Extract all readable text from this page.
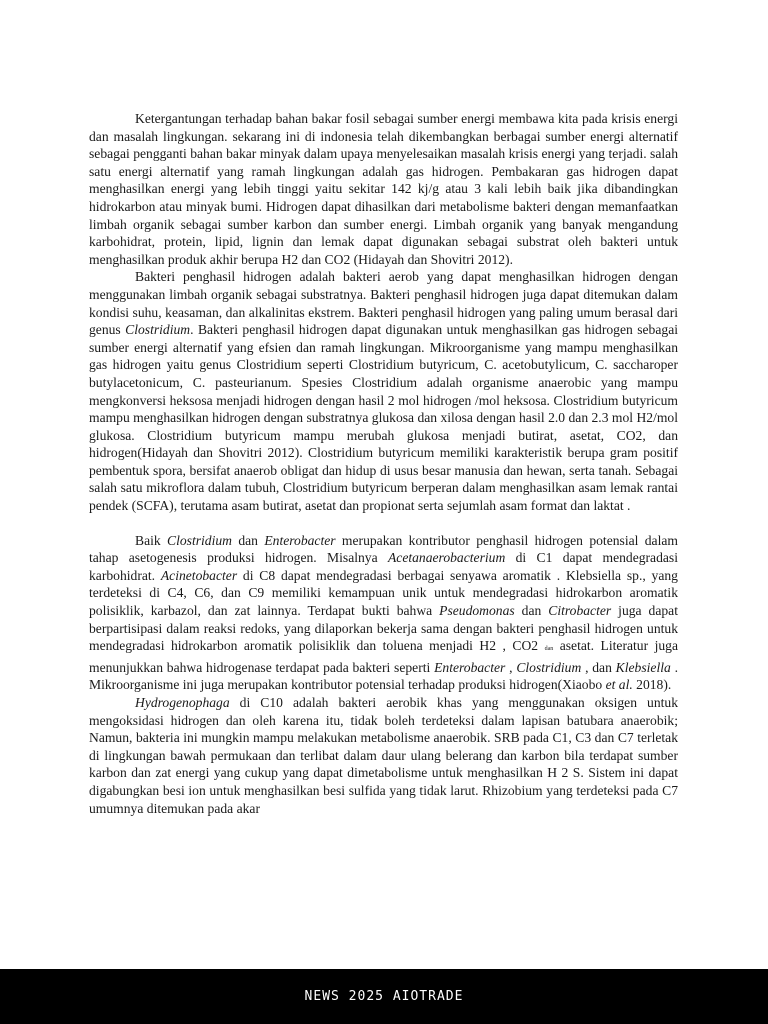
Ketergantungan terhadap bahan bakar fosil sebagai sumber energi membawa kita pada krisis energi dan masalah lingkungan. sekarang ini di indonesia telah dikembangkan berbagai sumber energi alternatif sebagai pengganti bahan bakar minyak dalam upaya menyelesaikan masalah krisis energi yang terjadi. salah satu energi alternatif yang ramah lingkungan adalah gas hidrogen. Pembakaran gas hidrogen dapat menghasilkan energi yang lebih tinggi yaitu sekitar 142 kj/g atau 3 kali lebih baik jika dibandingkan hidrokarbon atau minyak bumi. Hidrogen dapat dihasilkan dari metabolisme bakteri dengan memanfaatkan limbah organik sebagai sumber karbon dan sumber energi. Limbah organik yang banyak mengandung karbohidrat, protein, lipid, lignin dan lemak dapat digunakan sebagai substrat oleh bakteri untuk menghasilkan produk akhir berupa H2 dan CO2 (Hidayah dan Shovitri 2012).

Bakteri penghasil hidrogen adalah bakteri aerob yang dapat menghasilkan hidrogen dengan menggunakan limbah organik sebagai substratnya. Bakteri penghasil hidrogen juga dapat ditemukan dalam kondisi suhu, keasaman, dan alkalinitas ekstrem. Bakteri penghasil hidrogen yang paling umum berasal dari genus Clostridium. Bakteri penghasil hidrogen dapat digunakan untuk menghasilkan gas hidrogen sebagai sumber energi alternatif yang efsien dan ramah lingkungan. Mikroorganisme yang mampu menghasilkan gas hidrogen yaitu genus Clostridium seperti Clostridium butyricum, C. acetobutylicum, C. saccharoper butylacetonicum, C. pasteurianum. Spesies Clostridium adalah organisme anaerobic yang mampu mengkonversi heksosa menjadi hidrogen dengan hasil 2 mol hidrogen /mol heksosa. Clostridium butyricum mampu menghasilkan hidrogen dengan substratnya glukosa dan xilosa dengan hasil 2.0 dan 2.3 mol H2/mol glukosa. Clostridium butyricum mampu merubah glukosa menjadi butirat, asetat, CO2, dan hidrogen(Hidayah dan Shovitri 2012). Clostridium butyricum memiliki karakteristik berupa gram positif pembentuk spora, bersifat anaerob obligat dan hidup di usus besar manusia dan hewan, serta tanah. Sebagai salah satu mikroflora dalam tubuh, Clostridium butyricum berperan dalam menghasilkan asam lemak rantai pendek (SCFA), terutama asam butirat, asetat dan propionat serta sejumlah asam format dan laktat .

Baik Clostridium dan Enterobacter merupakan kontributor penghasil hidrogen potensial dalam tahap asetogenesis produksi hidrogen. Misalnya Acetanaerobacterium di C1 dapat mendegradasi karbohidrat. Acinetobacter di C8 dapat mendegradasi berbagai senyawa aromatik . Klebsiella sp., yang terdeteksi di C4, C6, dan C9 memiliki kemampuan unik untuk mendegradasi hidrokarbon aromatik polisiklik, karbazol, dan zat lainnya. Terdapat bukti bahwa Pseudomonas dan Citrobacter juga dapat berpartisipasi dalam reaksi redoks, yang dilaporkan bekerja sama dengan bakteri penghasil hidrogen untuk mendegradasi hidrokarbon aromatik polisiklik dan toluena menjadi H2 , CO2 dan asetat. Literatur juga menunjukkan bahwa hidrogenase terdapat pada bakteri seperti Enterobacter , Clostridium , dan Klebsiella . Mikroorganisme ini juga merupakan kontributor potensial terhadap produksi hidrogen(Xiaobo et al. 2018).

Hydrogenophaga di C10 adalah bakteri aerobik khas yang menggunakan oksigen untuk mengoksidasi hidrogen dan oleh karena itu, tidak boleh terdeteksi dalam lapisan batubara anaerobik; Namun, bakteria ini mungkin mampu melakukan metabolisme anaerobik. SRB pada C1, C3 dan C7 terletak di lingkungan bawah permukaan dan terlibat dalam daur ulang belerang dan karbon bila terdapat sumber karbon dan zat energi yang cukup yang dapat dimetabolisme untuk menghasilkan H 2 S. Sistem ini dapat digabungkan besi ion untuk menghasilkan besi sulfida yang tidak larut. Rhizobium yang terdeteksi pada C7 umumnya ditemukan pada akar

NEWS 2025 AIOTRADE
